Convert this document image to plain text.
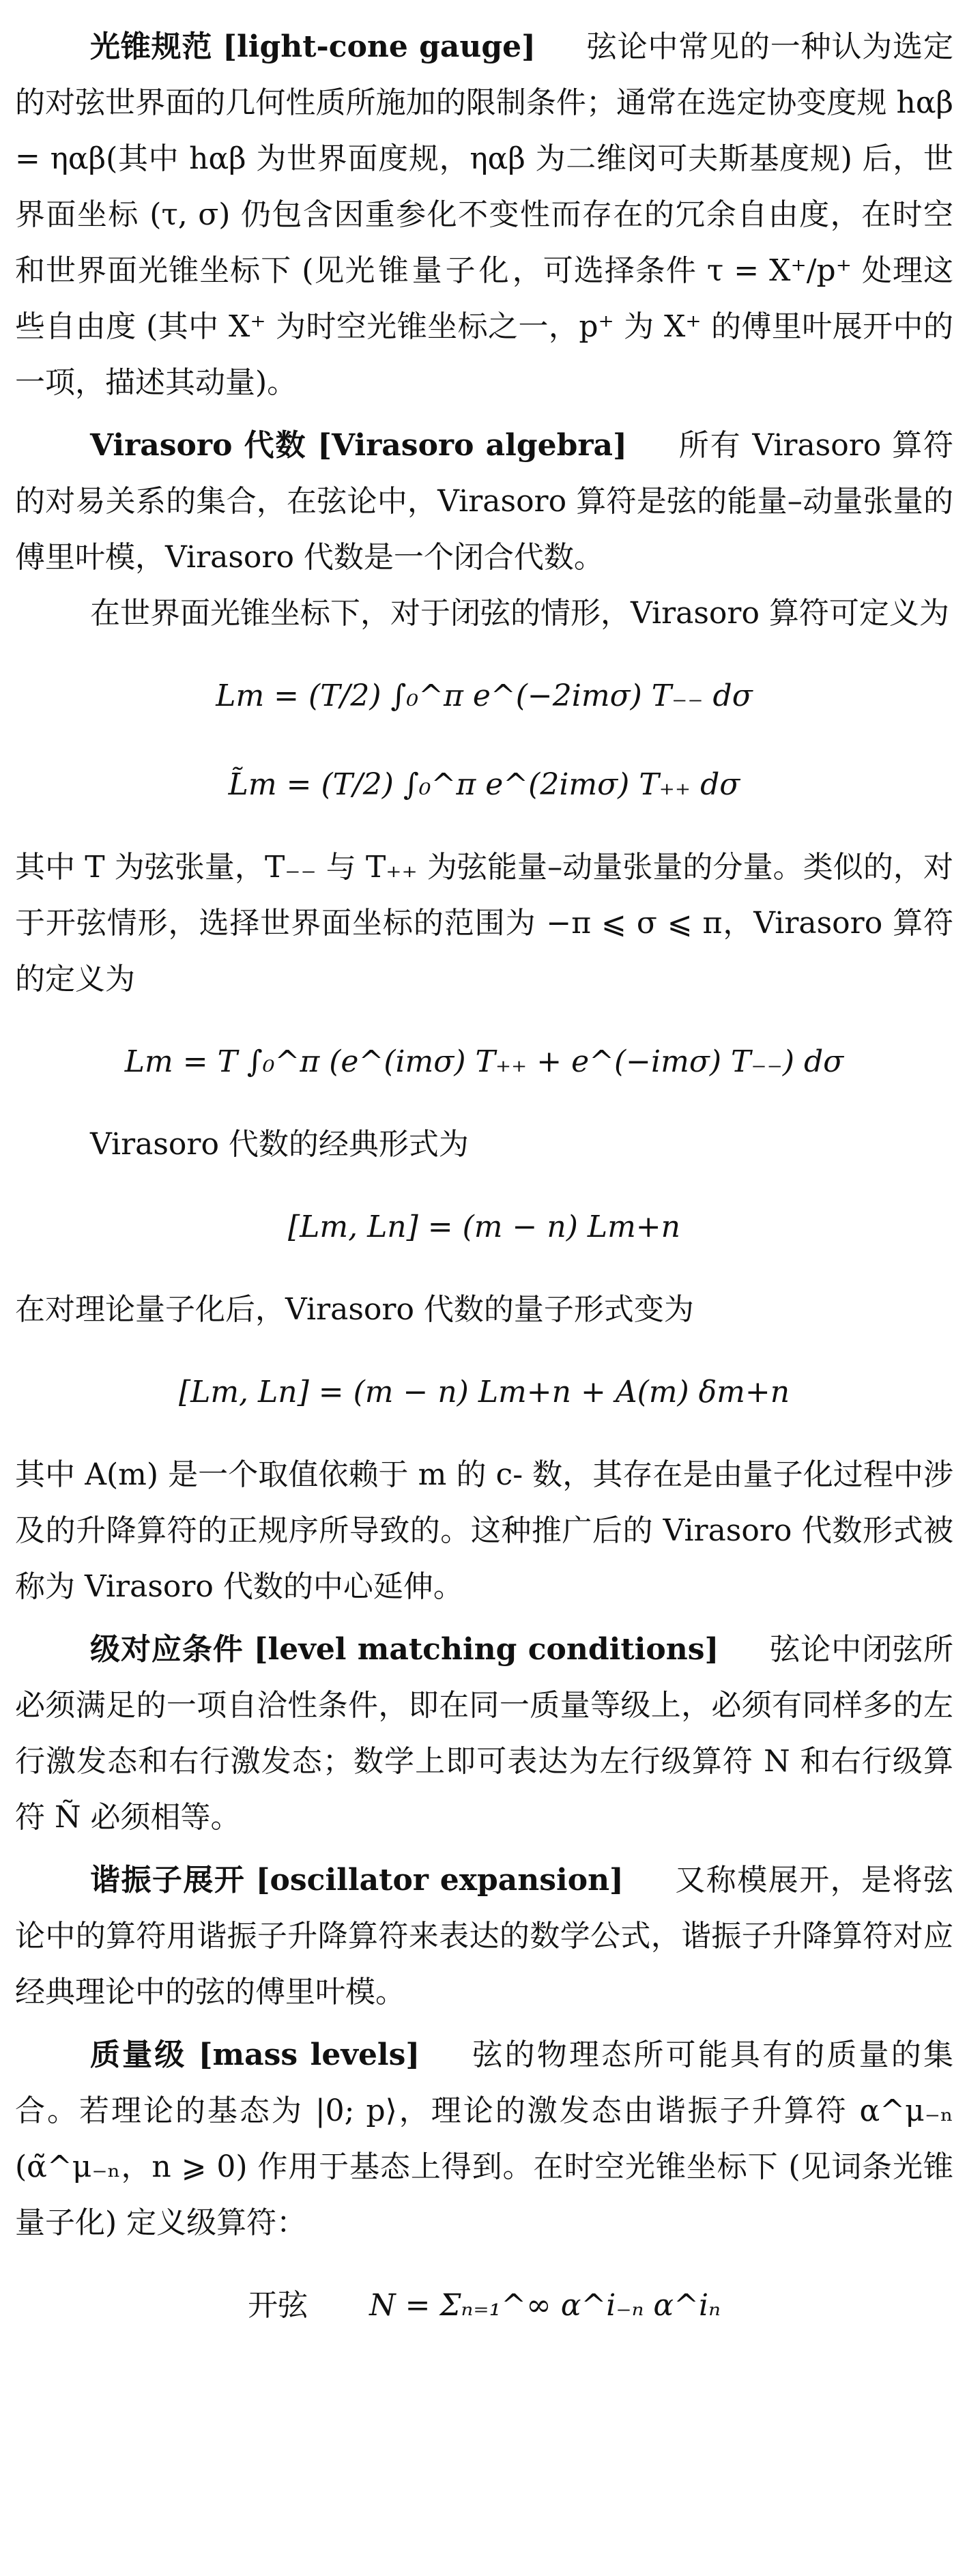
光锥规范 [light-cone gauge] 弦论中常见的一种认为选定的对弦世界面的几何性质所施加的限制条件；通常在选定协变度规 hαβ = ηαβ(其中 hαβ 为世界面度规，ηαβ 为二维闵可夫斯基度规) 后，世界面坐标 (τ, σ) 仍包含因重参化不变性而存在的冗余自由度，在时空和世界面光锥坐标下 (见光锥量子化，可选择条件 τ = X⁺/p⁺ 处理这些自由度 (其中 X⁺ 为时空光锥坐标之一，p⁺ 为 X⁺ 的傅里叶展开中的一项，描述其动量)。

Virasoro 代数 [Virasoro algebra] 所有 Virasoro 算符的对易关系的集合，在弦论中，Virasoro 算符是弦的能量–动量张量的傅里叶模，Virasoro 代数是一个闭合代数。

在世界面光锥坐标下，对于闭弦的情形，Virasoro 算符可定义为

Lm = (T/2) ∫₀^π e^(−2imσ) T₋₋ dσ
L̃m = (T/2) ∫₀^π e^(2imσ) T₊₊ dσ

其中 T 为弦张量，T₋₋ 与 T₊₊ 为弦能量–动量张量的分量。类似的，对于开弦情形，选择世界面坐标的范围为 −π ⩽ σ ⩽ π，Virasoro 算符的定义为

Lm = T ∫₀^π (e^(imσ) T₊₊ + e^(−imσ) T₋₋) dσ

Virasoro 代数的经典形式为

[Lm, Ln] = (m − n) Lm+n

在对理论量子化后，Virasoro 代数的量子形式变为

[Lm, Ln] = (m − n) Lm+n + A(m) δm+n

其中 A(m) 是一个取值依赖于 m 的 c- 数，其存在是由量子化过程中涉及的升降算符的正规序所导致的。这种推广后的 Virasoro 代数形式被称为 Virasoro 代数的中心延伸。

级对应条件 [level matching conditions] 弦论中闭弦所必须满足的一项自洽性条件，即在同一质量等级上，必须有同样多的左行激发态和右行激发态；数学上即可表达为左行级算符 N 和右行级算符 Ñ 必须相等。

谐振子展开 [oscillator expansion] 又称模展开，是将弦论中的算符用谐振子升降算符来表达的数学公式，谐振子升降算符对应经典理论中的弦的傅里叶模。

质量级 [mass levels] 弦的物理态所可能具有的质量的集合。若理论的基态为 |0; p⟩，理论的激发态由谐振子升算符 α^μ₋ₙ (α̃^μ₋ₙ，n ⩾ 0) 作用于基态上得到。在时空光锥坐标下 (见词条光锥量子化) 定义级算符：

开弦 N = Σₙ₌₁^∞ α^i₋ₙ α^iₙ
